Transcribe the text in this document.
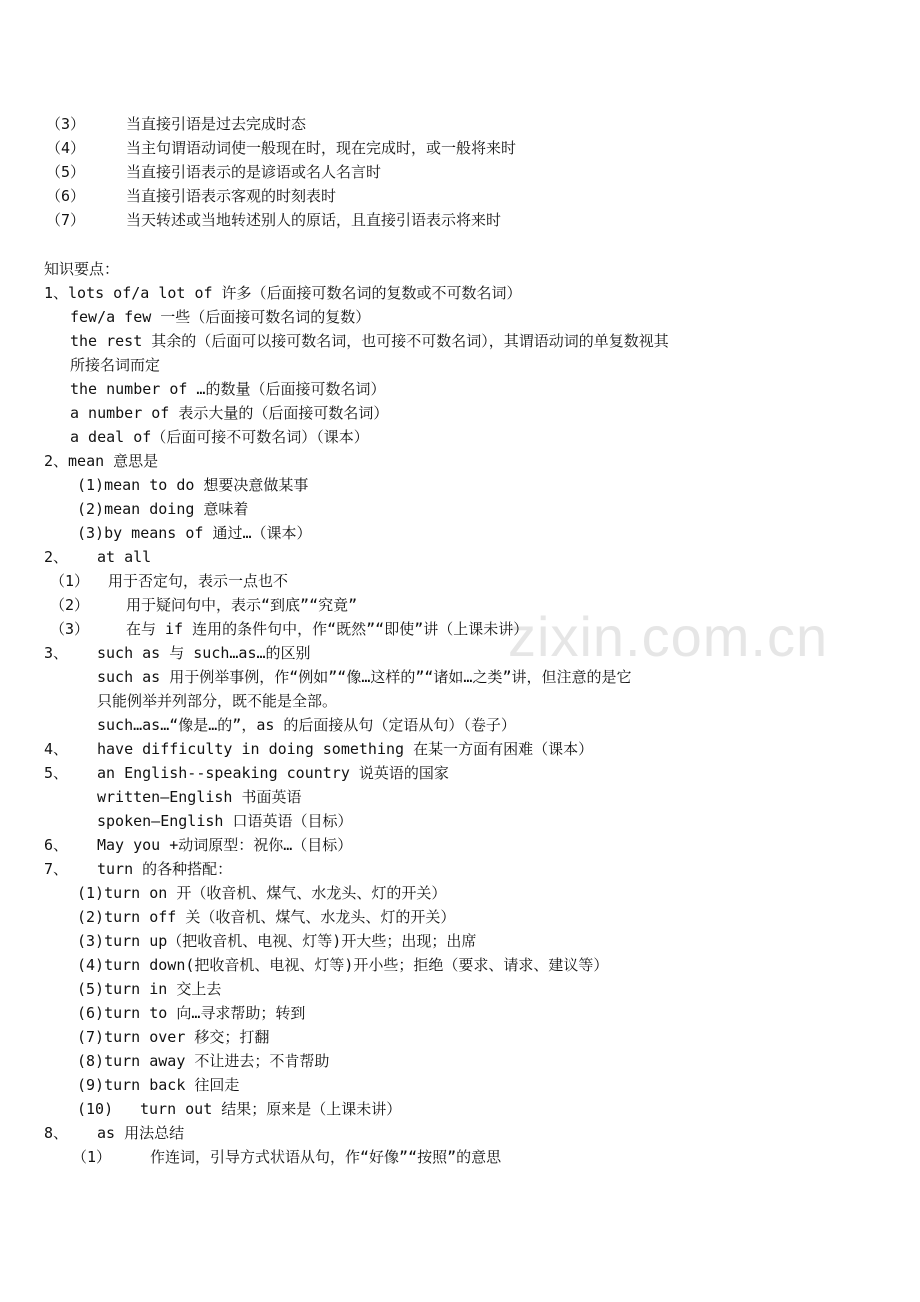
zixin.com.cn
（3）	当直接引语是过去完成时态
（4）	当主句谓语动词使一般现在时，现在完成时，或一般将来时
（5）	当直接引语表示的是谚语或名人名言时
（6）	当直接引语表示客观的时刻表时
（7）	当天转述或当地转述别人的原话，且直接引语表示将来时
知识要点：
1、lots of/a lot of 许多（后面接可数名词的复数或不可数名词）
few/a few 一些（后面接可数名词的复数）
the rest 其余的（后面可以接可数名词，也可接不可数名词），其谓语动词的单复数视其
所接名词而定
the number of …的数量（后面接可数名词）
a number of 表示大量的（后面接可数名词）
a deal of（后面可接不可数名词）（课本）
2、mean 意思是
(1)mean to do 想要决意做某事
(2)mean doing 意味着
(3)by means of 通过…（课本）
2、 at all
（1） 用于否定句，表示一点也不
（2） 用于疑问句中，表示“到底”“究竟”
（3） 在与 if 连用的条件句中，作“既然”“即使”讲（上课未讲）
3、 such as 与 such…as…的区别
such as 用于例举事例，作“例如”“像…这样的”“诸如…之类”讲，但注意的是它
只能例举并列部分，既不能是全部。
such…as…“像是…的”，as 的后面接从句（定语从句）（卷子）
4、 have difficulty in doing something 在某一方面有困难（课本）
5、 an English--speaking country 说英语的国家
written—English 书面英语
spoken—English 口语英语（目标）
6、 May you +动词原型：祝你…（目标）
7、 turn 的各种搭配：
(1)turn on 开（收音机、煤气、水龙头、灯的开关）
(2)turn off 关（收音机、煤气、水龙头、灯的开关）
(3)turn up（把收音机、电视、灯等)开大些；出现；出席
(4)turn down(把收音机、电视、灯等)开小些；拒绝（要求、请求、建议等）
(5)turn in 交上去
(6)turn to 向…寻求帮助；转到
(7)turn over 移交；打翻
(8)turn away 不让进去；不肯帮助
(9)turn back 往回走
(10) turn out 结果；原来是（上课未讲）
8、 as 用法总结
（1）	作连词，引导方式状语从句，作“好像”“按照”的意思
